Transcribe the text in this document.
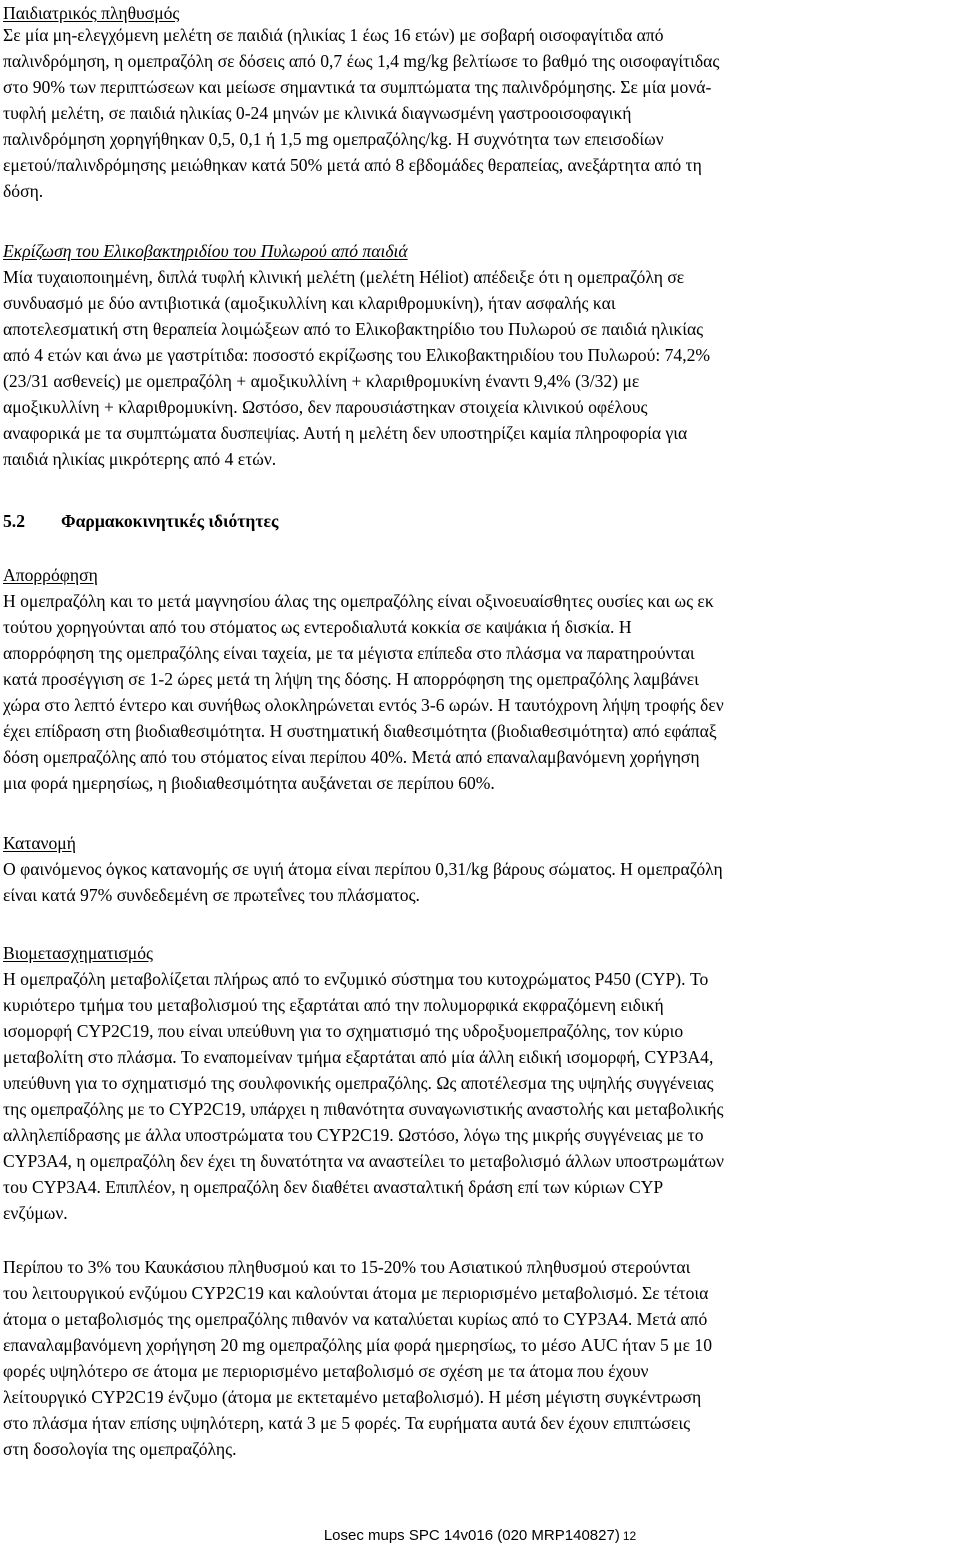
Παιδιατρικός πληθυσμός

Σε μία μη-ελεγχόμενη μελέτη σε παιδιά (ηλικίας 1 έως 16 ετών) με σοβαρή οισοφαγίτιδα από

παλινδρόμηση, η ομεπραζόλη σε δόσεις από 0,7 έως 1,4 mg/kg βελτίωσε το βαθμό της οισοφαγίτιδας

στο 90% των περιπτώσεων και μείωσε σημαντικά τα συμπτώματα της παλινδρόμησης. Σε μία μονά-

τυφλή μελέτη, σε παιδιά ηλικίας 0-24 μηνών με κλινικά διαγνωσμένη γαστροοισοφαγική

παλινδρόμηση χορηγήθηκαν 0,5, 0,1 ή 1,5 mg ομεπραζόλης/kg. Η συχνότητα των επεισοδίων

εμετού/παλινδρόμησης μειώθηκαν κατά 50% μετά από 8 εβδομάδες θεραπείας, ανεξάρτητα από τη

δόση.

Εκρίζωση του Ελικοβακτηριδίου του Πυλωρού από παιδιά

Μία τυχαιοποιημένη, διπλά τυφλή κλινική μελέτη (μελέτη Héliot) απέδειξε ότι η ομεπραζόλη σε

συνδυασμό με δύο αντιβιοτικά (αμοξικυλλίνη και κλαριθρομυκίνη), ήταν ασφαλής και

αποτελεσματική στη θεραπεία λοιμώξεων από το Ελικοβακτηρίδιο του Πυλωρού σε παιδιά ηλικίας

από 4 ετών και άνω με γαστρίτιδα: ποσοστό εκρίζωσης του Ελικοβακτηριδίου του Πυλωρού: 74,2%

(23/31 ασθενείς) με ομεπραζόλη + αμοξικυλλίνη + κλαριθρομυκίνη έναντι 9,4% (3/32) με

αμοξικυλλίνη + κλαριθρομυκίνη. Ωστόσο, δεν παρουσιάστηκαν στοιχεία κλινικού οφέλους

αναφορικά με τα συμπτώματα δυσπεψίας. Αυτή η μελέτη δεν υποστηρίζει καμία πληροφορία για

παιδιά ηλικίας μικρότερης από 4 ετών.

5.2 Φαρμακοκινητικές ιδιότητες

Απορρόφηση

Η ομεπραζόλη και το μετά μαγνησίου άλας της ομεπραζόλης είναι οξινοευαίσθητες ουσίες και ως εκ

τούτου χορηγούνται από του στόματος ως εντεροδιαλυτά κοκκία σε καψάκια ή δισκία. Η

απορρόφηση της ομεπραζόλης είναι ταχεία, με τα μέγιστα επίπεδα στο πλάσμα να παρατηρούνται

κατά προσέγγιση σε 1-2 ώρες μετά τη λήψη της δόσης. Η απορρόφηση της ομεπραζόλης λαμβάνει

χώρα στο λεπτό έντερο και συνήθως ολοκληρώνεται εντός 3-6 ωρών. Η ταυτόχρονη λήψη τροφής δεν

έχει επίδραση στη βιοδιαθεσιμότητα. Η συστηματική διαθεσιμότητα (βιοδιαθεσιμότητα) από εφάπαξ

δόση ομεπραζόλης από του στόματος είναι περίπου 40%. Μετά από επαναλαμβανόμενη χορήγηση

μια φορά ημερησίως, η βιοδιαθεσιμότητα αυξάνεται σε περίπου 60%.

Κατανομή

Ο φαινόμενος όγκος κατανομής σε υγιή άτομα είναι περίπου 0,31/kg βάρους σώματος. Η ομεπραζόλη

είναι κατά 97% συνδεδεμένη σε πρωτεΐνες του πλάσματος.

Βιομετασχηματισμός

Η ομεπραζόλη μεταβολίζεται πλήρως από το ενζυμικό σύστημα του κυτοχρώματος P450 (CYP). Το

κυριότερο τμήμα του μεταβολισμού της εξαρτάται από την πολυμορφικά εκφραζόμενη ειδική

ισομορφή CYP2C19, που είναι υπεύθυνη για το σχηματισμό της υδροξυομεπραζόλης, τον κύριο

μεταβολίτη στο πλάσμα. Το εναπομείναν τμήμα εξαρτάται από μία άλλη ειδική ισομορφή, CYP3A4,

υπεύθυνη για το σχηματισμό της σουλφονικής ομεπραζόλης. Ως αποτέλεσμα της υψηλής συγγένειας

της ομεπραζόλης με το CYP2C19, υπάρχει η πιθανότητα συναγωνιστικής αναστολής και μεταβολικής

αλληλεπίδρασης με άλλα υποστρώματα του CYP2C19. Ωστόσο, λόγω της μικρής συγγένειας με το

CYP3A4, η ομεπραζόλη δεν έχει τη δυνατότητα να αναστείλει το μεταβολισμό άλλων υποστρωμάτων

του CYP3A4. Επιπλέον, η ομεπραζόλη δεν διαθέτει ανασταλτική δράση επί των κύριων CYP

ενζύμων.

Περίπου το 3% του Καυκάσιου πληθυσμού και το 15-20% του Ασιατικού πληθυσμού στερούνται

του λειτουργικού ενζύμου CYP2C19 και καλούνται άτομα με περιορισμένο μεταβολισμό. Σε τέτοια

άτομα ο μεταβολισμός της ομεπραζόλης πιθανόν να καταλύεται κυρίως από το CYP3A4. Μετά από

επαναλαμβανόμενη χορήγηση 20 mg ομεπραζόλης μία φορά ημερησίως, το μέσο AUC ήταν 5 με 10

φορές υψηλότερο σε άτομα με περιορισμένο μεταβολισμό σε σχέση με τα άτομα που έχουν

λείτουργικό CYP2C19 ένζυμο (άτομα με εκτεταμένο μεταβολισμό). Η μέση μέγιστη συγκέντρωση

στο πλάσμα ήταν επίσης υψηλότερη, κατά 3 με 5 φορές. Τα ευρήματα αυτά δεν έχουν επιπτώσεις

στη δοσολογία της ομεπραζόλης.

Losec mups SPC 14v016 (020 MRP140827) 12
